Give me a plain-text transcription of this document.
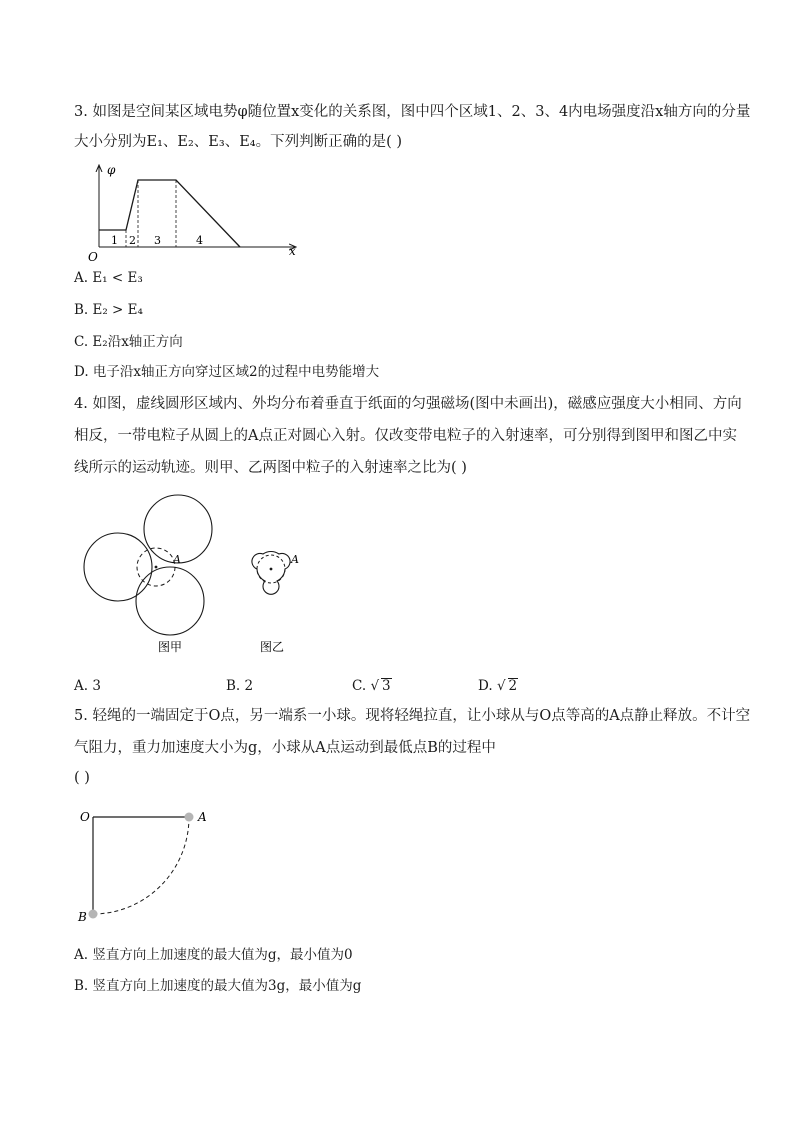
3. 如图是空间某区域电势φ随位置x变化的关系图，图中四个区域1、2、3、4内电场强度沿x轴方向的分量
大小分别为E₁、E₂、E₃、E₄。下列判断正确的是( )
φ
x
O
1 2 3	4
A. E₁ < E₃
B. E₂ > E₄
C. E₂沿x轴正方向
D. 电子沿x轴正方向穿过区域2的过程中电势能增大
4. 如图，虚线圆形区域内、外均分布着垂直于纸面的匀强磁场(图中未画出)，磁感应强度大小相同、方向
相反，一带电粒子从圆上的A点正对圆心入射。仅改变带电粒子的入射速率，可分别得到图甲和图乙中实
线所示的运动轨迹。则甲、乙两图中粒子的入射速率之比为( )
A
图甲
A
图乙
A. 3	B. 2	C. √ 3	D. √ 2
5. 轻绳的一端固定于O点，另一端系一小球。现将轻绳拉直，让小球从与O点等高的A点静止释放。不计空
气阻力，重力加速度大小为g，小球从A点运动到最低点B的过程中
( )
O	A
B
A. 竖直方向上加速度的最大值为g，最小值为0
B. 竖直方向上加速度的最大值为3g，最小值为g
